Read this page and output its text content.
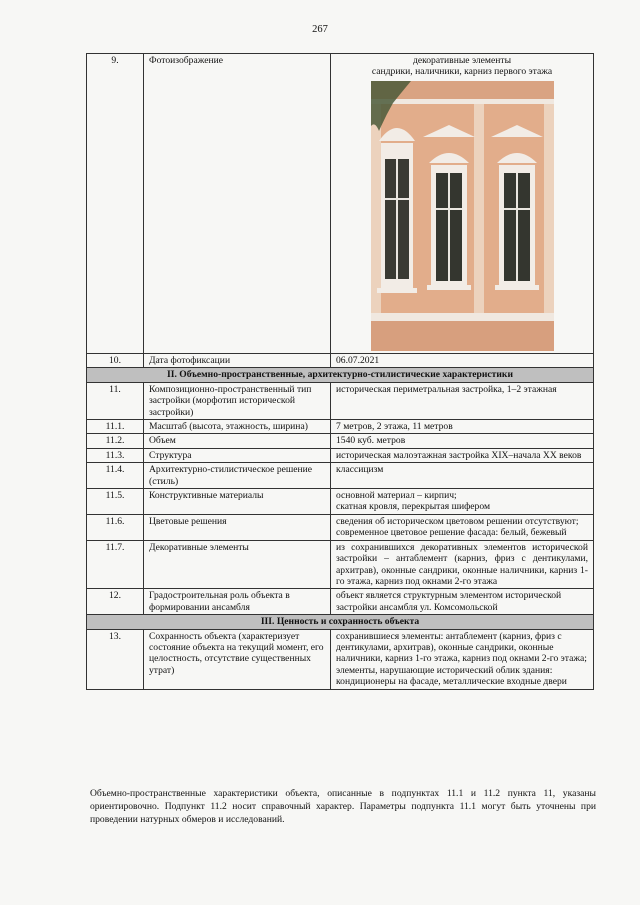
267
9.	Фотоизображение	декоративные элементы
сандрики, наличники, карниз первого этажа

10.	Дата фотофиксации	06.07.2021
II. Объемно-пространственные, архитектурно-стилистические характеристики		
11.	Композиционно-пространственный тип застройки (морфотип исторической застройки)	историческая периметральная застройка, 1–2 этажная
11.1.	Масштаб (высота, этажность, ширина)	7 метров, 2 этажа, 11 метров
11.2.	Объем	1540 куб. метров
11.3.	Структура	историческая малоэтажная застройка XIX–начала XX веков
11.4.	Архитектурно-стилистическое решение (стиль)	классицизм
11.5.	Конструктивные материалы	основной материал – кирпич;
скатная кровля, перекрытая шифером

11.6.	Цветовые решения	сведения об историческом цветовом решении отсутствуют;
современное цветовое решение фасада: белый, бежевый

11.7.	Декоративные элементы	из сохранившихся декоративных элементов исторической застройки – антаблемент (карниз, фриз с дентикулами, архитрав), оконные сандрики, оконные наличники, карниз 1-го этажа, карниз под окнами 2-го этажа
12.	Градостроительная роль объекта в формировании ансамбля	объект является структурным элементом исторической застройки ансамбля ул. Комсомольской
III. Ценность и сохранность объекта		
13.	Сохранность объекта (характеризует состояние объекта на текущий момент, его целостность, отсутствие существенных утрат)	сохранившиеся элементы: антаблемент (карниз, фриз с дентикулами, архитрав), оконные сандрики, оконные наличники, карниз 1-го этажа, карниз под окнами 2-го этажа;
элементы, нарушающие исторический облик здания: кондиционеры на фасаде, металлические входные двери
Объемно-пространственные характеристики объекта, описанные в подпунктах 11.1 и 11.2 пункта 11, указаны ориентировочно. Подпункт 11.2 носит справочный характер. Параметры подпункта 11.1 могут быть уточнены при проведении натурных обмеров и исследований.
